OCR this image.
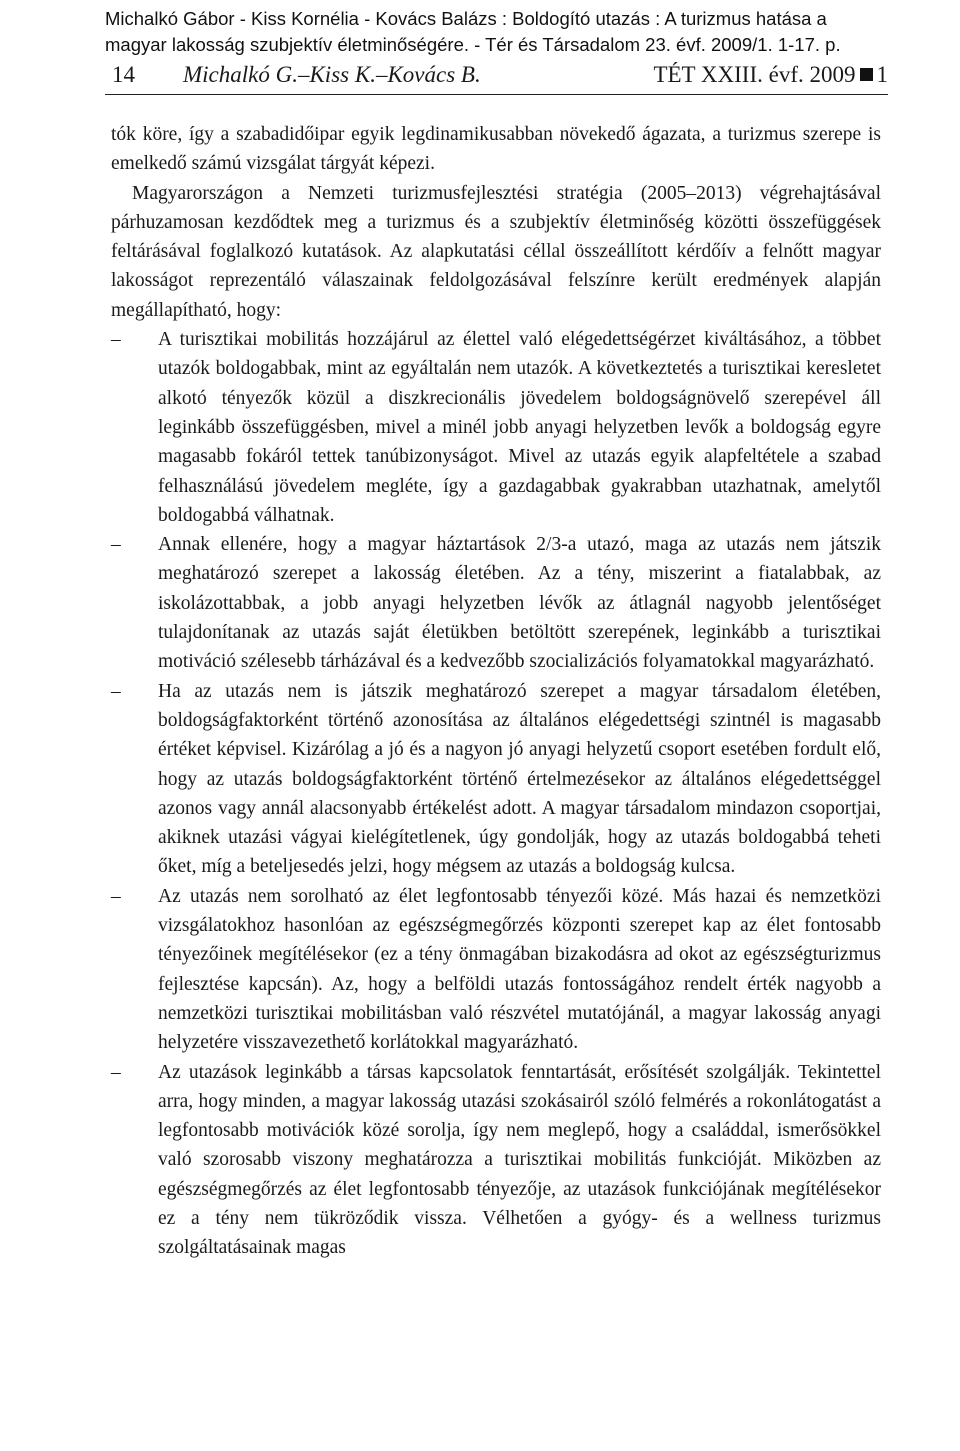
Michalkó Gábor - Kiss Kornélia - Kovács Balázs : Boldogító utazás : A turizmus hatása a magyar lakosság szubjektív életminőségére. - Tér és Társadalom 23. évf. 2009/1. 1-17. p.
14 Michalkó G.–Kiss K.–Kovács B.	TÉT XXIII. évf. 2009 1

tók köre, így a szabadidőipar egyik legdinamikusabban növekedő ágazata, a turizmus szerepe is emelkedő számú vizsgálat tárgyát képezi.

Magyarországon a Nemzeti turizmusfejlesztési stratégia (2005–2013) végrehajtásával párhuzamosan kezdődtek meg a turizmus és a szubjektív életminőség közötti összefüggések feltárásával foglalkozó kutatások. Az alapkutatási céllal összeállított kérdőív a felnőtt magyar lakosságot reprezentáló válaszainak feldolgozásával felszínre került eredmények alapján megállapítható, hogy:

– A turisztikai mobilitás hozzájárul az élettel való elégedettségérzet kiváltásához, a többet utazók boldogabbak, mint az egyáltalán nem utazók. A következtetés a turisztikai keresletet alkotó tényezők közül a diszkrecionális jövedelem boldogságnövelő szerepével áll leginkább összefüggésben, mivel a minél jobb anyagi helyzetben levők a boldogság egyre magasabb fokáról tettek tanúbizonyságot. Mivel az utazás egyik alapfeltétele a szabad felhasználású jövedelem megléte, így a gazdagabbak gyakrabban utazhatnak, amelytől boldogabbá válhatnak.
– Annak ellenére, hogy a magyar háztartások 2/3-a utazó, maga az utazás nem játszik meghatározó szerepet a lakosság életében. Az a tény, miszerint a fiatalabbak, az iskolázottabbak, a jobb anyagi helyzetben lévők az átlagnál nagyobb jelentőséget tulajdonítanak az utazás saját életükben betöltött szerepének, leginkább a turisztikai motiváció szélesebb tárházával és a kedvezőbb szocializációs folyamatokkal magyarázható.
– Ha az utazás nem is játszik meghatározó szerepet a magyar társadalom életében, boldogságfaktorként történő azonosítása az általános elégedettségi szintnél is magasabb értéket képvisel. Kizárólag a jó és a nagyon jó anyagi helyzetű csoport esetében fordult elő, hogy az utazás boldogságfaktorként történő értelmezésekor az általános elégedettséggel azonos vagy annál alacsonyabb értékelést adott. A magyar társadalom mindazon csoportjai, akiknek utazási vágyai kielégítetlenek, úgy gondolják, hogy az utazás boldogabbá teheti őket, míg a beteljesedés jelzi, hogy mégsem az utazás a boldogság kulcsa.
– Az utazás nem sorolható az élet legfontosabb tényezői közé. Más hazai és nemzetközi vizsgálatokhoz hasonlóan az egészségmegőrzés központi szerepet kap az élet fontosabb tényezőinek megítélésekor (ez a tény önmagában bizakodásra ad okot az egészségturizmus fejlesztése kapcsán). Az, hogy a belföldi utazás fontosságához rendelt érték nagyobb a nemzetközi turisztikai mobilitásban való részvétel mutatójánál, a magyar lakosság anyagi helyzetére visszavezethető korlátokkal magyarázható.
– Az utazások leginkább a társas kapcsolatok fenntartását, erősítését szolgálják. Tekintettel arra, hogy minden, a magyar lakosság utazási szokásairól szóló felmérés a rokonlátogatást a legfontosabb motivációk közé sorolja, így nem meglepő, hogy a családdal, ismerősökkel való szorosabb viszony meghatározza a turisztikai mobilitás funkcióját. Miközben az egészségmegőrzés az élet legfontosabb tényezője, az utazások funkciójának megítélésekor ez a tény nem tükröződik vissza. Vélhetően a gyógy- és a wellness turizmus szolgáltatásainak magas
